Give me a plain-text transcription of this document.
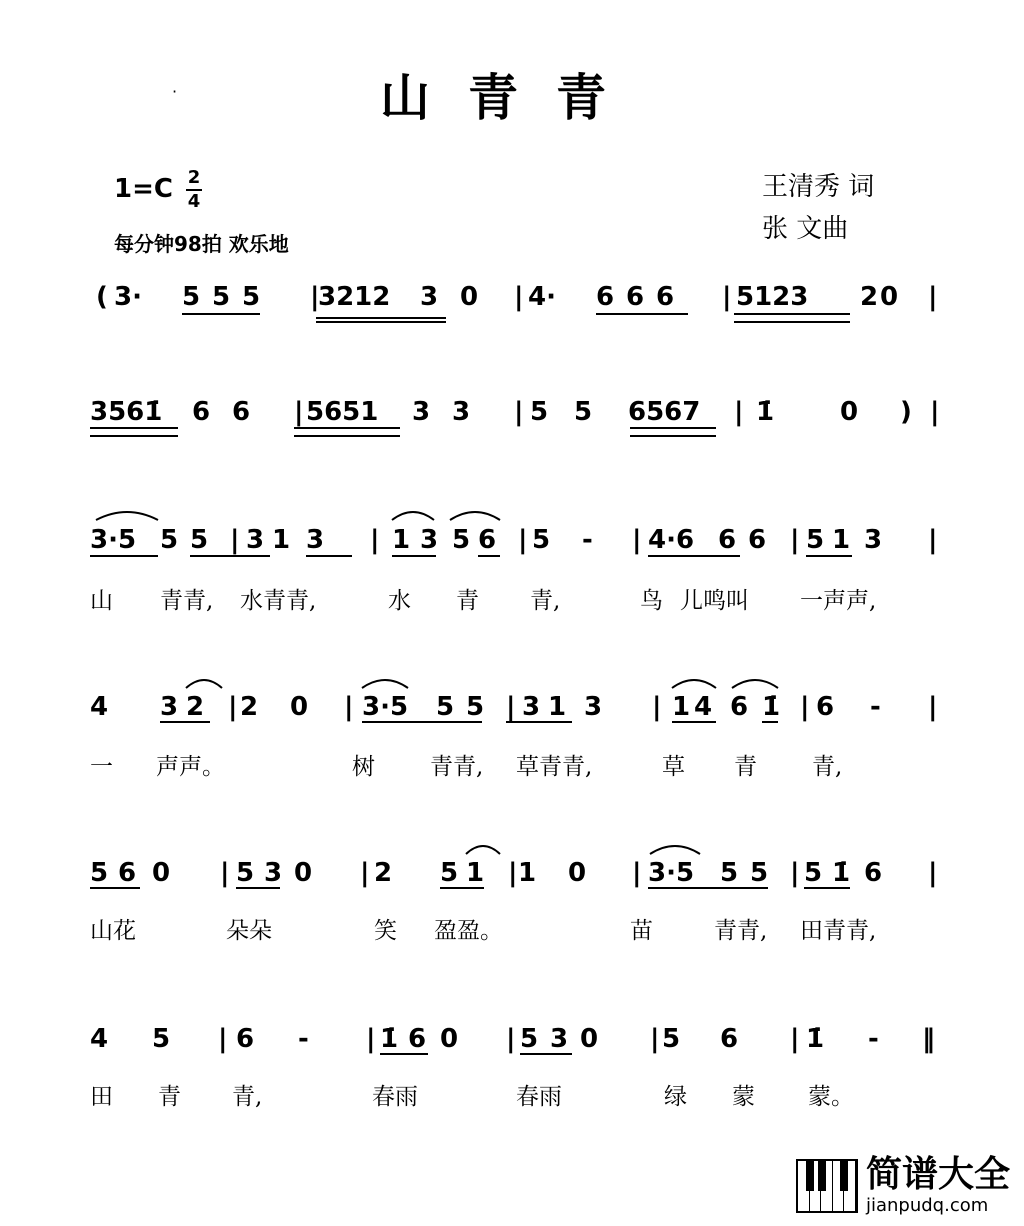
山青青
·
1=C 2
4
每分钟98拍 欢乐地
王清秀 词
张 文曲
( 3· 5 5 5 |
3212 3 0 | 4· 6 6 6 | 5123 2 0 |
3561̇ 6 6 | 5651 3 3 | 5 5 6567 | 1̇	0 ) |
3·5 5 5 | 3 1 3 | 1 3 5 6 | 5 - | 4·6 6 6 | 5 1 3 |
山 青青, 水青青,	水 青 青,	鸟 儿鸣叫 一声声,
4 3 2 | 2 0 | 3·5 5 5 | 3 1 3 | 1 4 6 1̇ | 6 - |
一 声声。	树 青青, 草青青,	草 青 青,
5 6 0 | 5 3 0 | 2 5 1 | 1 0 | 3·5 5 5 | 5 1̇ 6 |
山花	朵朵	笑 盈盈。	苗	青青, 田青青,
4 5 | 6 - | 1̇ 6 0 | 5 3 0 | 5 6 | 1̇ - ‖
田 青 青,	春雨	春雨	绿 蒙 蒙。
简谱大全
jianpudq.com
